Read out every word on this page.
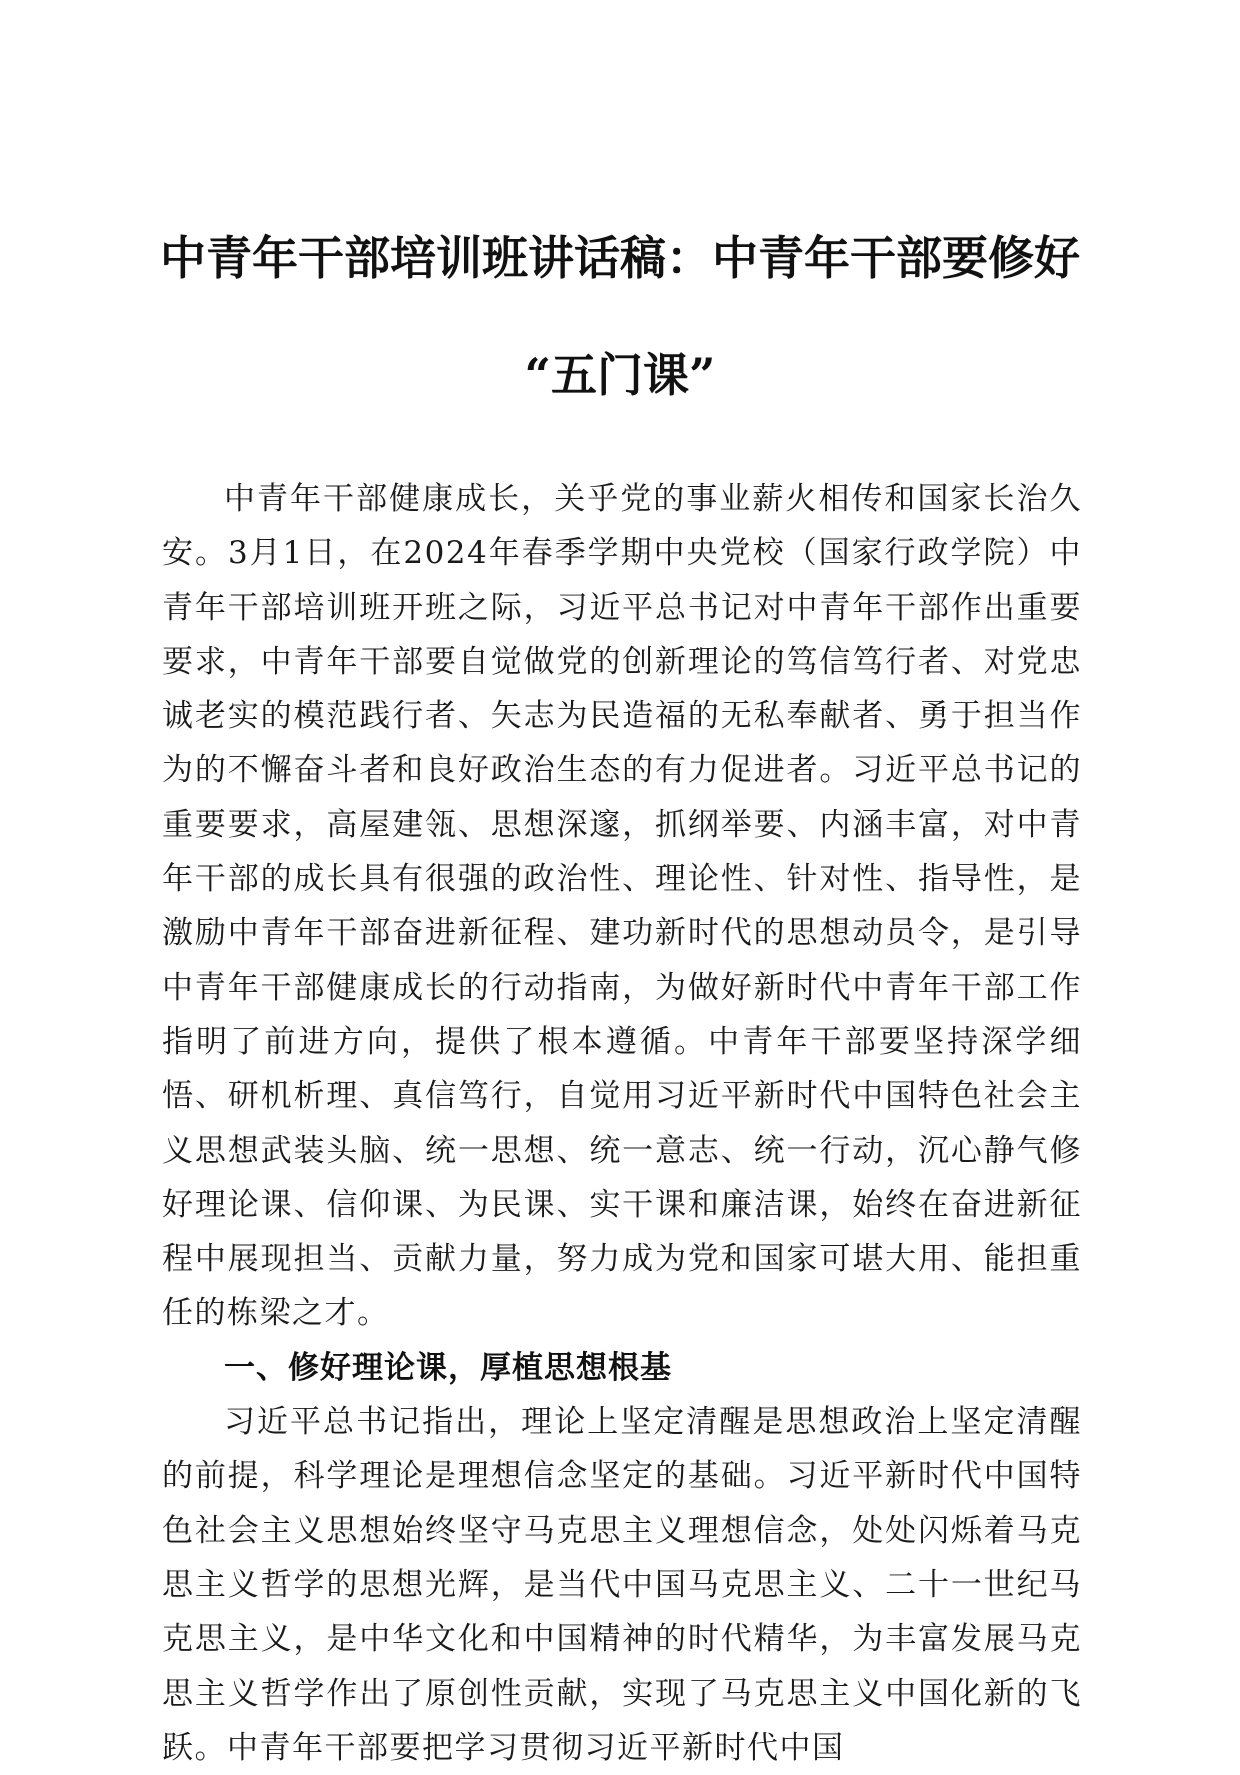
中青年干部培训班讲话稿：中青年干部要修好
“五门课”

中青年干部健康成长，关乎党的事业薪火相传和国家长治久安。3月1日，在2024年春季学期中央党校（国家行政学院）中青年干部培训班开班之际，习近平总书记对中青年干部作出重要要求，中青年干部要自觉做党的创新理论的笃信笃行者、对党忠诚老实的模范践行者、矢志为民造福的无私奉献者、勇于担当作为的不懈奋斗者和良好政治生态的有力促进者。习近平总书记的重要要求，高屋建瓴、思想深邃，抓纲举要、内涵丰富，对中青年干部的成长具有很强的政治性、理论性、针对性、指导性，是激励中青年干部奋进新征程、建功新时代的思想动员令，是引导中青年干部健康成长的行动指南，为做好新时代中青年干部工作指明了前进方向，提供了根本遵循。中青年干部要坚持深学细悟、研机析理、真信笃行，自觉用习近平新时代中国特色社会主义思想武装头脑、统一思想、统一意志、统一行动，沉心静气修好理论课、信仰课、为民课、实干课和廉洁课，始终在奋进新征程中展现担当、贡献力量，努力成为党和国家可堪大用、能担重任的栋梁之才。

一、修好理论课，厚植思想根基

习近平总书记指出，理论上坚定清醒是思想政治上坚定清醒的前提，科学理论是理想信念坚定的基础。习近平新时代中国特色社会主义思想始终坚守马克思主义理想信念，处处闪烁着马克思主义哲学的思想光辉，是当代中国马克思主义、二十一世纪马克思主义，是中华文化和中国精神的时代精华，为丰富发展马克思主义哲学作出了原创性贡献，实现了马克思主义中国化新的飞跃。中青年干部要把学习贯彻习近平新时代中国
